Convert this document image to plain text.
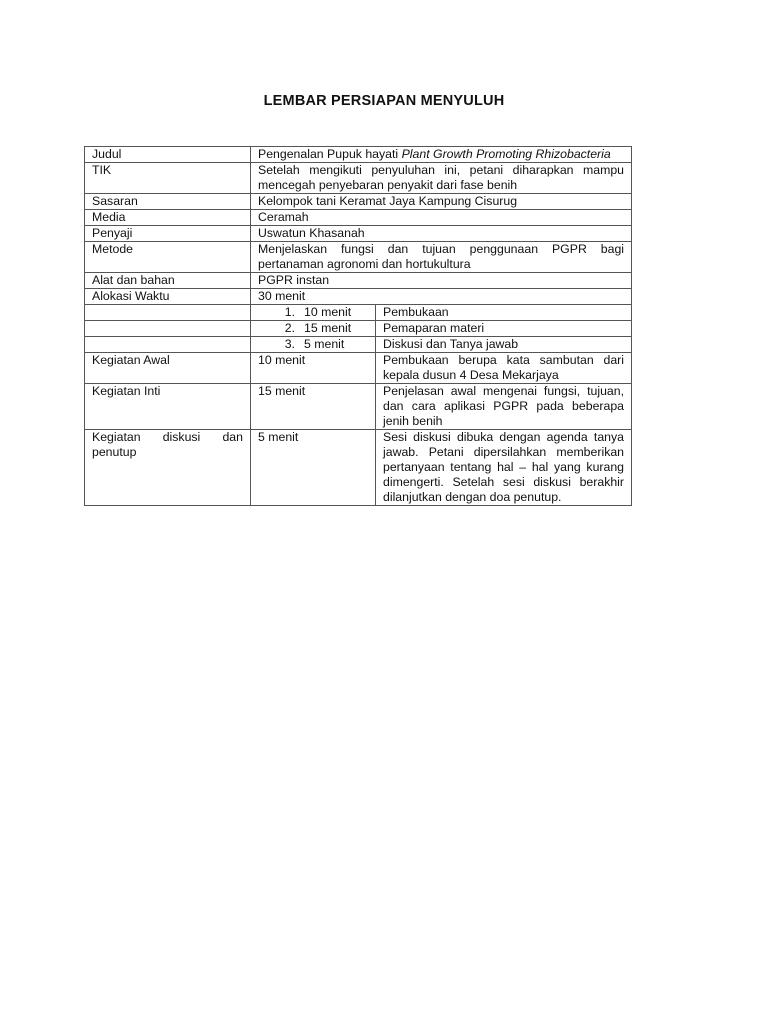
LEMBAR PERSIAPAN MENYULUH
Judul	Pengenalan Pupuk hayati Plant Growth Promoting Rhizobacteria	
TIK	Setelah mengikuti penyuluhan ini, petani diharapkan mampu mencegah penyebaran penyakit dari fase benih	
Sasaran	Kelompok tani Keramat Jaya Kampung Cisurug	
Media	Ceramah	
Penyaji	Uswatun Khasanah	
Metode	Menjelaskan fungsi dan tujuan penggunaan PGPR bagi pertanaman agronomi dan hortukultura	
Alat dan bahan	PGPR instan	
Alokasi Waktu	30 menit	
	1. 10 menit	Pembukaan
	2. 15 menit	Pemaparan materi
	3. 5 menit	Diskusi dan Tanya jawab
Kegiatan Awal	10 menit	Pembukaan berupa kata sambutan dari kepala dusun 4 Desa Mekarjaya
Kegiatan Inti	15 menit	Penjelasan awal mengenai fungsi, tujuan, dan cara aplikasi PGPR pada beberapa jenih benih

Kegiatan diskusi dan
penutup	5 menit	Sesi diskusi dibuka dengan agenda tanya jawab. Petani dipersilahkan memberikan pertanyaan tentang hal – hal yang kurang dimengerti. Setelah sesi diskusi berakhir dilanjutkan dengan doa penutup.
